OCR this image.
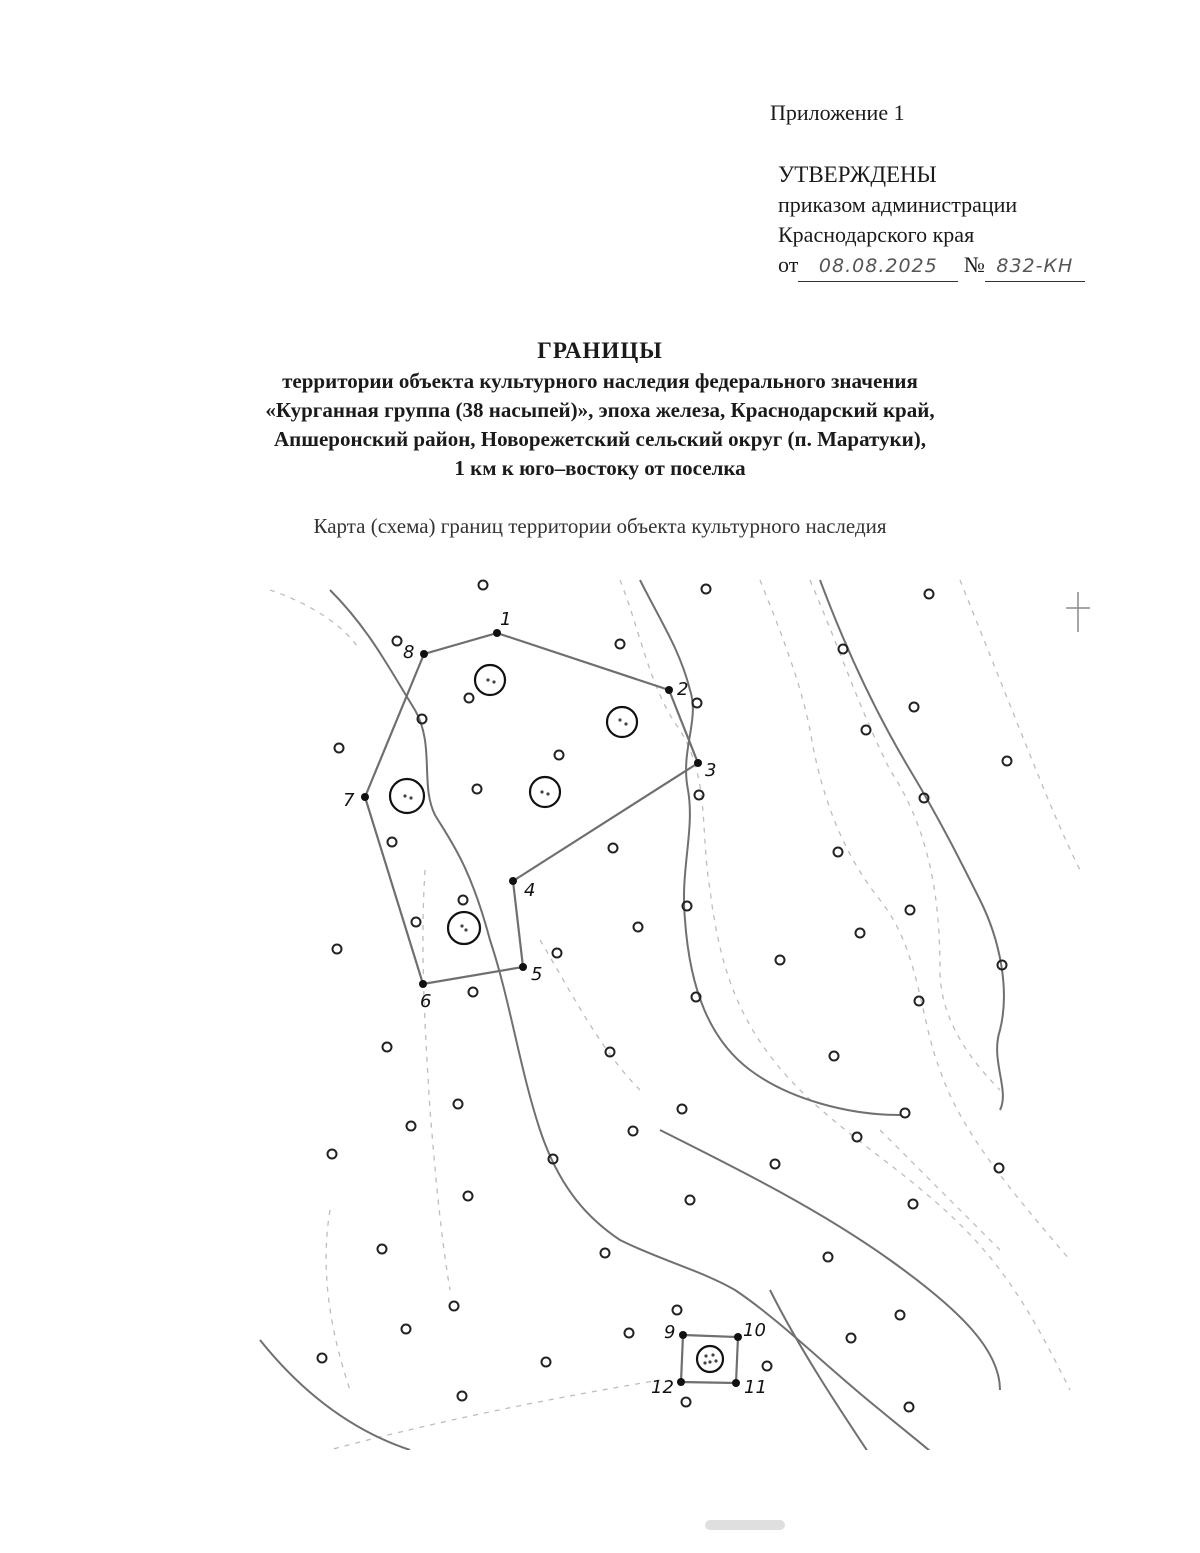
Приложение 1
УТВЕРЖДЕНЫ
приказом администрации
Краснодарского края
от 08.08.2025 № 832-КН
ГРАНИЦЫ
территории объекта культурного наследия федерального значения
«Курганная группа (38 насыпей)», эпоха железа, Краснодарский край,
Апшеронский район, Новорежетский сельский округ (п. Маратуки),
1 км к юго–востоку от поселка
Карта (схема) границ территории объекта культурного наследия
1
2
3
4
5
6
7
8
9	10
11
12
